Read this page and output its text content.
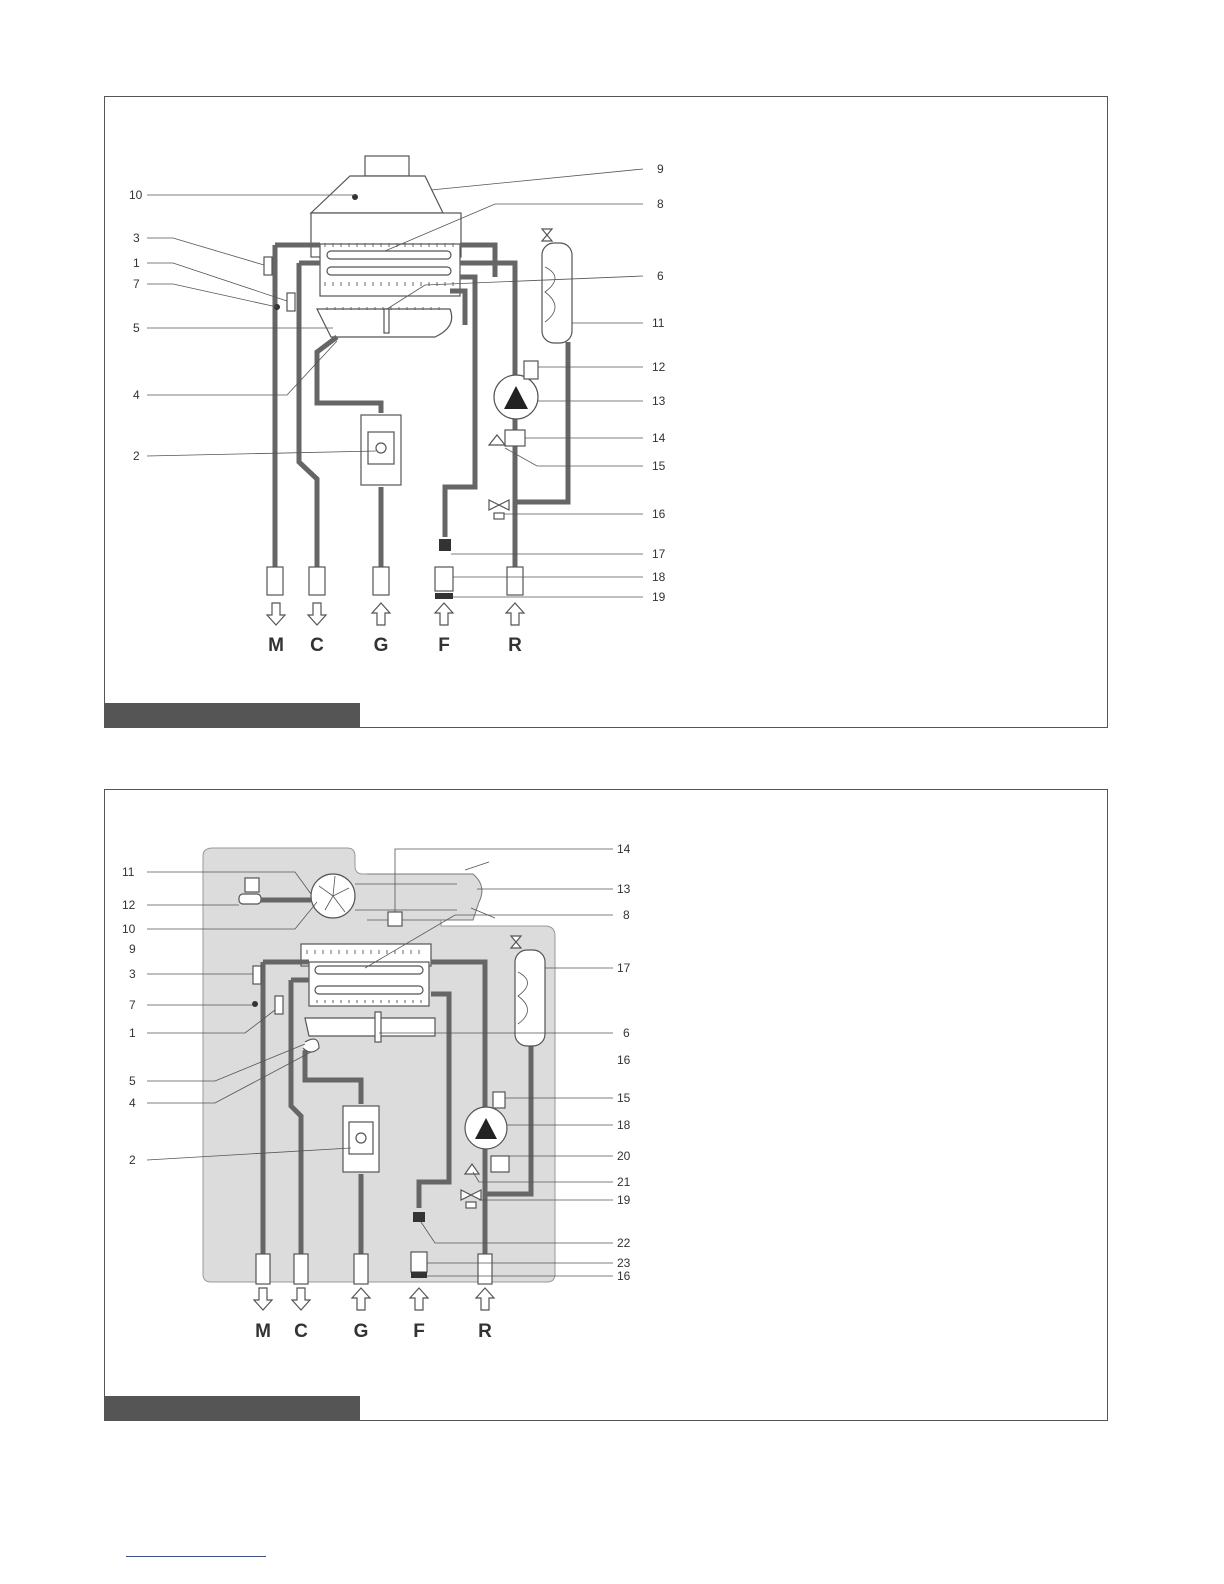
M C	G	F	R
10
3
1
7
5
4
2
9
8
6
11
12
13
14
15
16
17
18
19
M C G F	R
11
12
10
9
3
7
1
5
4
2
14
13
8
17
6
16
15
18
20
21
19
22
23
16
